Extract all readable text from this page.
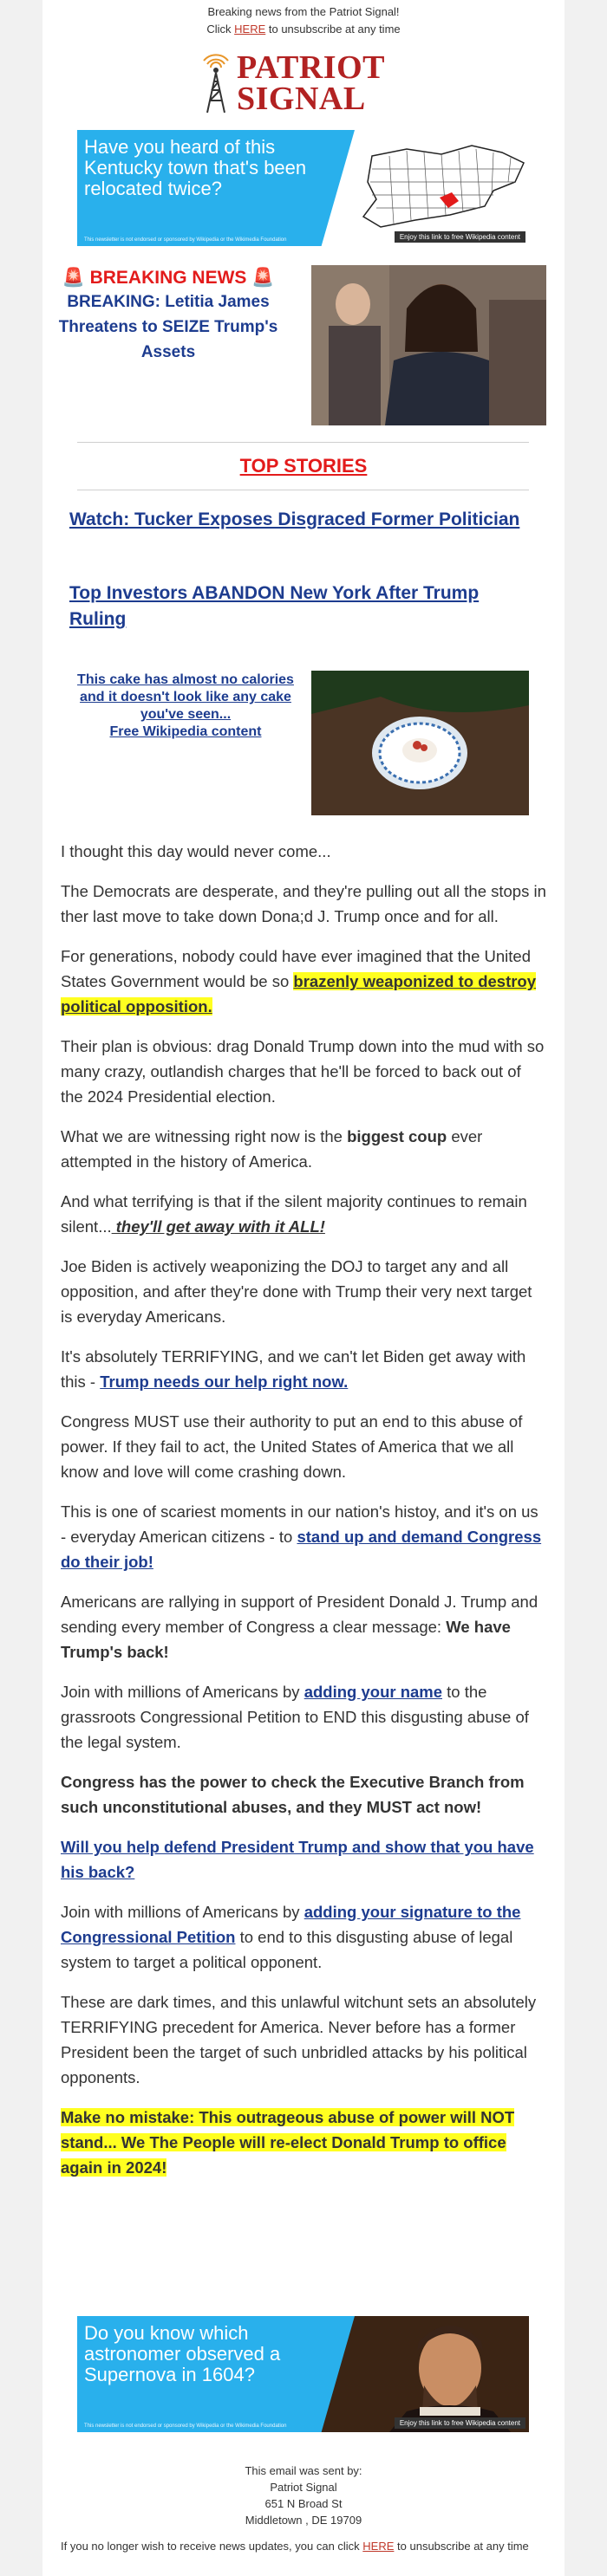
Breaking news from the Patriot Signal!
Click HERE to unsubscribe at any time
PATRIOT
SIGNAL
Have you heard of this Kentucky town that's been relocated twice?
This newsletter is not endorsed or sponsored by Wikipedia or the Wikimedia Foundation	Enjoy this link to free Wikipedia content
🚨 BREAKING NEWS 🚨
BREAKING: Letitia James Threatens to SEIZE Trump's Assets
TOP STORIES
Watch: Tucker Exposes Disgraced Former Politician
Top Investors ABANDON New York After Trump Ruling
This cake has almost no calories and it doesn't look like any cake you've seen...
Free Wikipedia content

I thought this day would never come...

The Democrats are desperate, and they're pulling out all the stops in ther last move to take down Dona;d J. Trump once and for all.

For generations, nobody could have ever imagined that the United States Government would be so brazenly weaponized to destroy political opposition.

Their plan is obvious: drag Donald Trump down into the mud with so many crazy, outlandish charges that he'll be forced to back out of the 2024 Presidential election.

What we are witnessing right now is the biggest coup ever attempted in the history of America.

And what terrifying is that if the silent majority continues to remain silent... they'll get away with it ALL!

Joe Biden is actively weaponizing the DOJ to target any and all opposition, and after they're done with Trump their very next target is everyday Americans.

It's absolutely TERRIFYING, and we can't let Biden get away with this - Trump needs our help right now.

Congress MUST use their authority to put an end to this abuse of power. If they fail to act, the United States of America that we all know and love will come crashing down.

This is one of scariest moments in our nation's histoy, and it's on us - everyday American citizens - to stand up and demand Congress do their job!

Americans are rallying in support of President Donald J. Trump and sending every member of Congress a clear message: We have Trump's back!

Join with millions of Americans by adding your name to the grassroots Congressional Petition to END this disgusting abuse of the legal system.

Congress has the power to check the Executive Branch from such unconstitutional abuses, and they MUST act now!

Will you help defend President Trump and show that you have his back?

Join with millions of Americans by adding your signature to the Congressional Petition to end to this disgusting abuse of legal system to target a political opponent.

These are dark times, and this unlawful witchunt sets an absolutely TERRIFYING precedent for America. Never before has a former President been the target of such unbridled attacks by his political opponents.

Make no mistake: This outrageous abuse of power will NOT stand... We The People will re-elect Donald Trump to office again in 2024!

Do you know which astronomer observed a Supernova in 1604?
This newsletter is not endorsed or sponsored by Wikipedia or the Wikimedia Foundation	Enjoy this link to free Wikipedia content
This email was sent by:
Patriot Signal
651 N Broad St
Middletown , DE 19709
If you no longer wish to receive news updates, you can click HERE to unsubscribe at any time
